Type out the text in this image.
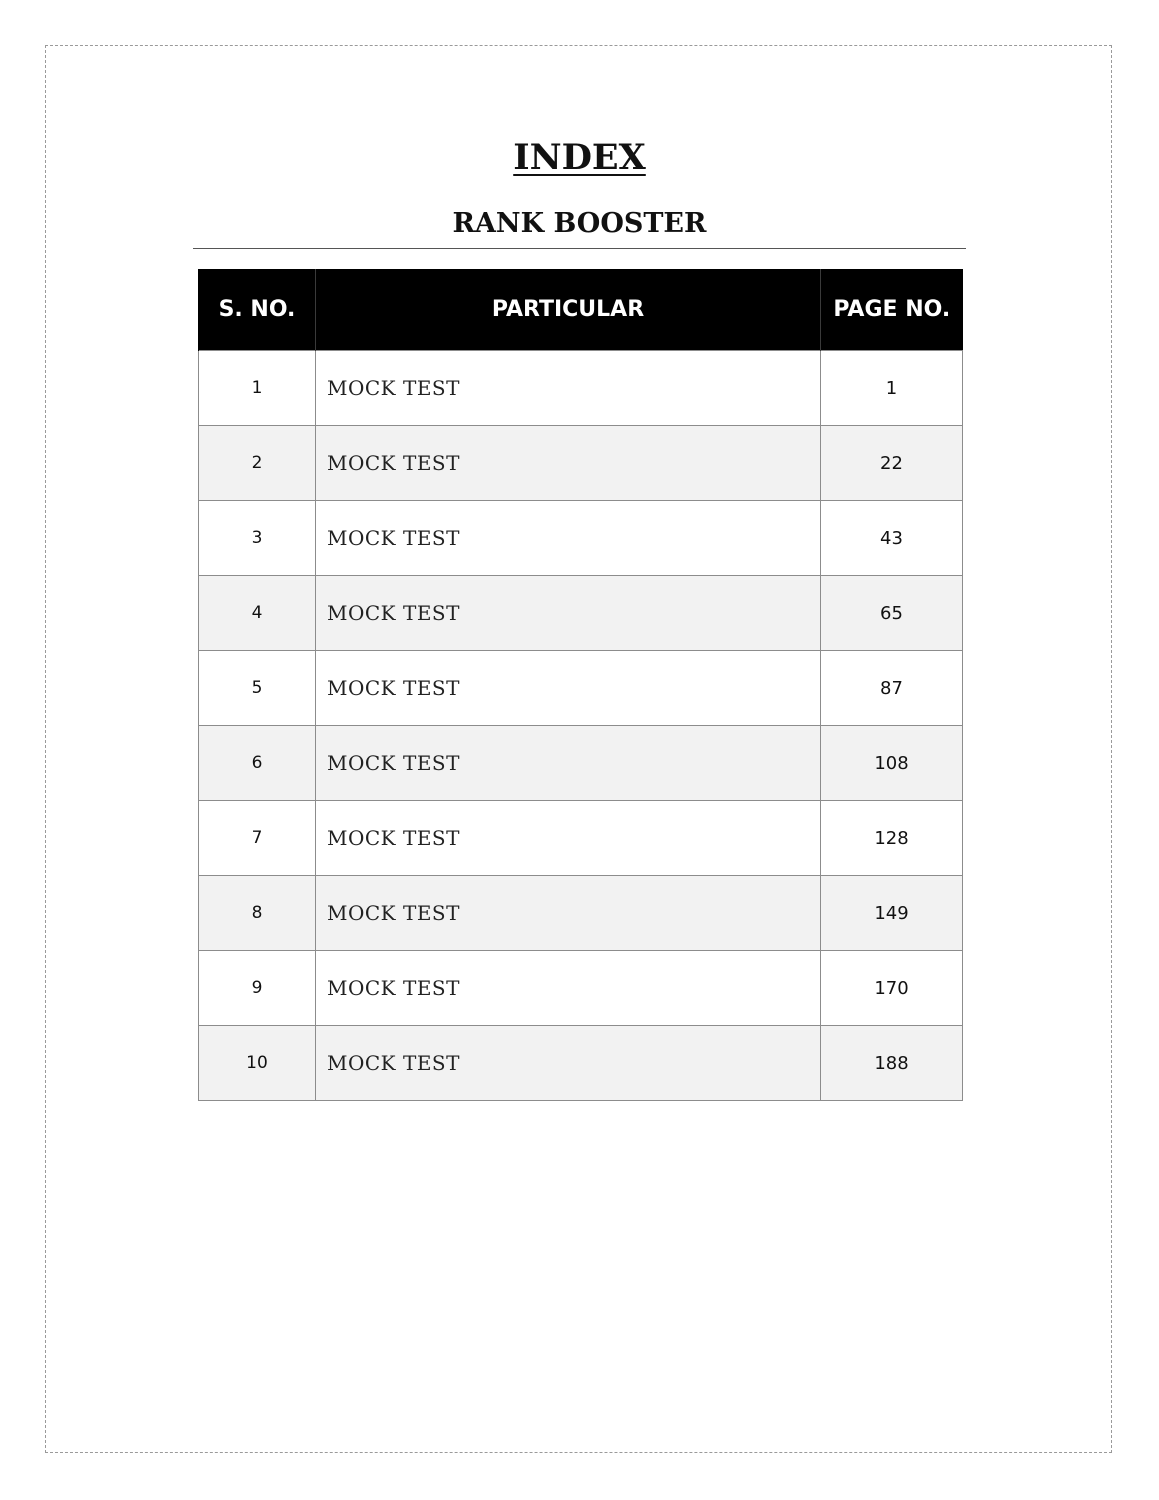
INDEX
RANK BOOSTER
S. NO.	PARTICULAR	PAGE NO.
1	MOCK TEST	1
2	MOCK TEST	22
3	MOCK TEST	43
4	MOCK TEST	65
5	MOCK TEST	87
6	MOCK TEST	108
7	MOCK TEST	128
8	MOCK TEST	149
9	MOCK TEST	170
10	MOCK TEST	188
